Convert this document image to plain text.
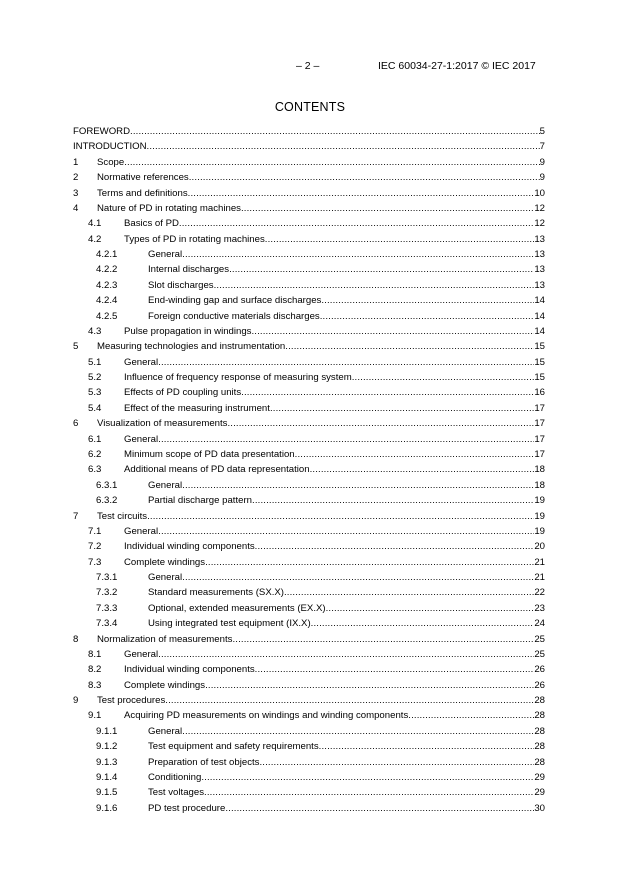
– 2 –	IEC 60034-27-1:2017 © IEC 2017
CONTENTS
FOREWORD .....	5
INTRODUCTION .....	7
1	Scope .....	9
2	Normative references .....	9
3	Terms and definitions .....	10
4	Nature of PD in rotating machines .....	12
4.1	Basics of PD .....	12
4.2	Types of PD in rotating machines .....	13
4.2.1	General .....	13
4.2.2	Internal discharges .....	13
4.2.3	Slot discharges .....	13
4.2.4	End-winding gap and surface discharges .....	14
4.2.5	Foreign conductive materials discharges .....	14
4.3	Pulse propagation in windings .....	14
5	Measuring technologies and instrumentation .....	15
5.1	General .....	15
5.2	Influence of frequency response of measuring system .....	15
5.3	Effects of PD coupling units .....	16
5.4	Effect of the measuring instrument .....	17
6	Visualization of measurements .....	17
6.1	General .....	17
6.2	Minimum scope of PD data presentation .....	17
6.3	Additional means of PD data representation .....	18
6.3.1	General .....	18
6.3.2	Partial discharge pattern .....	19
7	Test circuits .....	19
7.1	General .....	19
7.2	Individual winding components .....	20
7.3	Complete windings .....	21
7.3.1	General .....	21
7.3.2	Standard measurements (SX.X) .....	22
7.3.3	Optional, extended measurements (EX.X) .....	23
7.3.4	Using integrated test equipment (IX.X) .....	24
8	Normalization of measurements .....	25
8.1	General .....	25
8.2	Individual winding components .....	26
8.3	Complete windings .....	26
9	Test procedures .....	28
9.1	Acquiring PD measurements on windings and winding components .....	28
9.1.1	General .....	28
9.1.2	Test equipment and safety requirements .....	28
9.1.3	Preparation of test objects .....	28
9.1.4	Conditioning .....	29
9.1.5	Test voltages .....	29
9.1.6	PD test procedure .....	30
